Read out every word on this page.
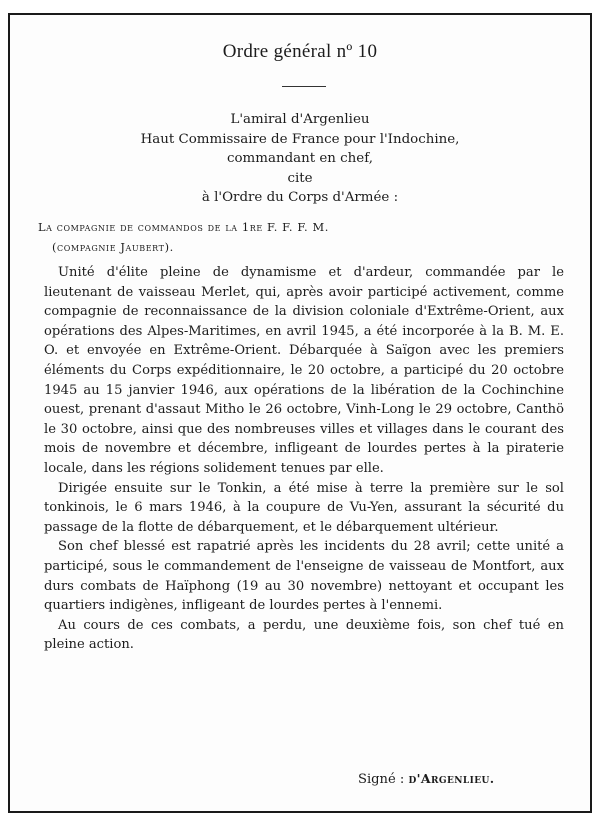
Ordre général nº 10
L'amiral d'Argenlieu
Haut Commissaire de France pour l'Indochine,
commandant en chef,
cite
à l'Ordre du Corps d'Armée :
La compagnie de commandos de la 1re F. F. F. M.
(compagnie Jaubert).

Unité d'élite pleine de dynamisme et d'ardeur, commandée par le lieutenant de vaisseau Merlet, qui, après avoir participé activement, comme compagnie de reconnaissance de la division coloniale d'Extrême-Orient, aux opérations des Alpes-Maritimes, en avril 1945, a été incorporée à la B. M. E. O. et envoyée en Extrême-Orient. Débarquée à Saïgon avec les premiers éléments du Corps expéditionnaire, le 20 octobre, a participé du 20 octobre 1945 au 15 janvier 1946, aux opérations de la libération de la Cochinchine ouest, prenant d'assaut Mitho le 26 octobre, Vinh-Long le 29 octobre, Canthö le 30 octobre, ainsi que des nombreuses villes et villages dans le courant des mois de novembre et décembre, infligeant de lourdes pertes à la piraterie locale, dans les régions solidement tenues par elle.

Dirigée ensuite sur le Tonkin, a été mise à terre la première sur le sol tonkinois, le 6 mars 1946, à la coupure de Vu-Yen, assurant la sécurité du passage de la flotte de débarquement, et le débarquement ultérieur.

Son chef blessé est rapatrié après les incidents du 28 avril; cette unité a participé, sous le commandement de l'enseigne de vaisseau de Montfort, aux durs combats de Haïphong (19 au 30 novembre) nettoyant et occupant les quartiers indigènes, infligeant de lourdes pertes à l'ennemi.

Au cours de ces combats, a perdu, une deuxième fois, son chef tué en pleine action.

Signé : d'Argenlieu.
